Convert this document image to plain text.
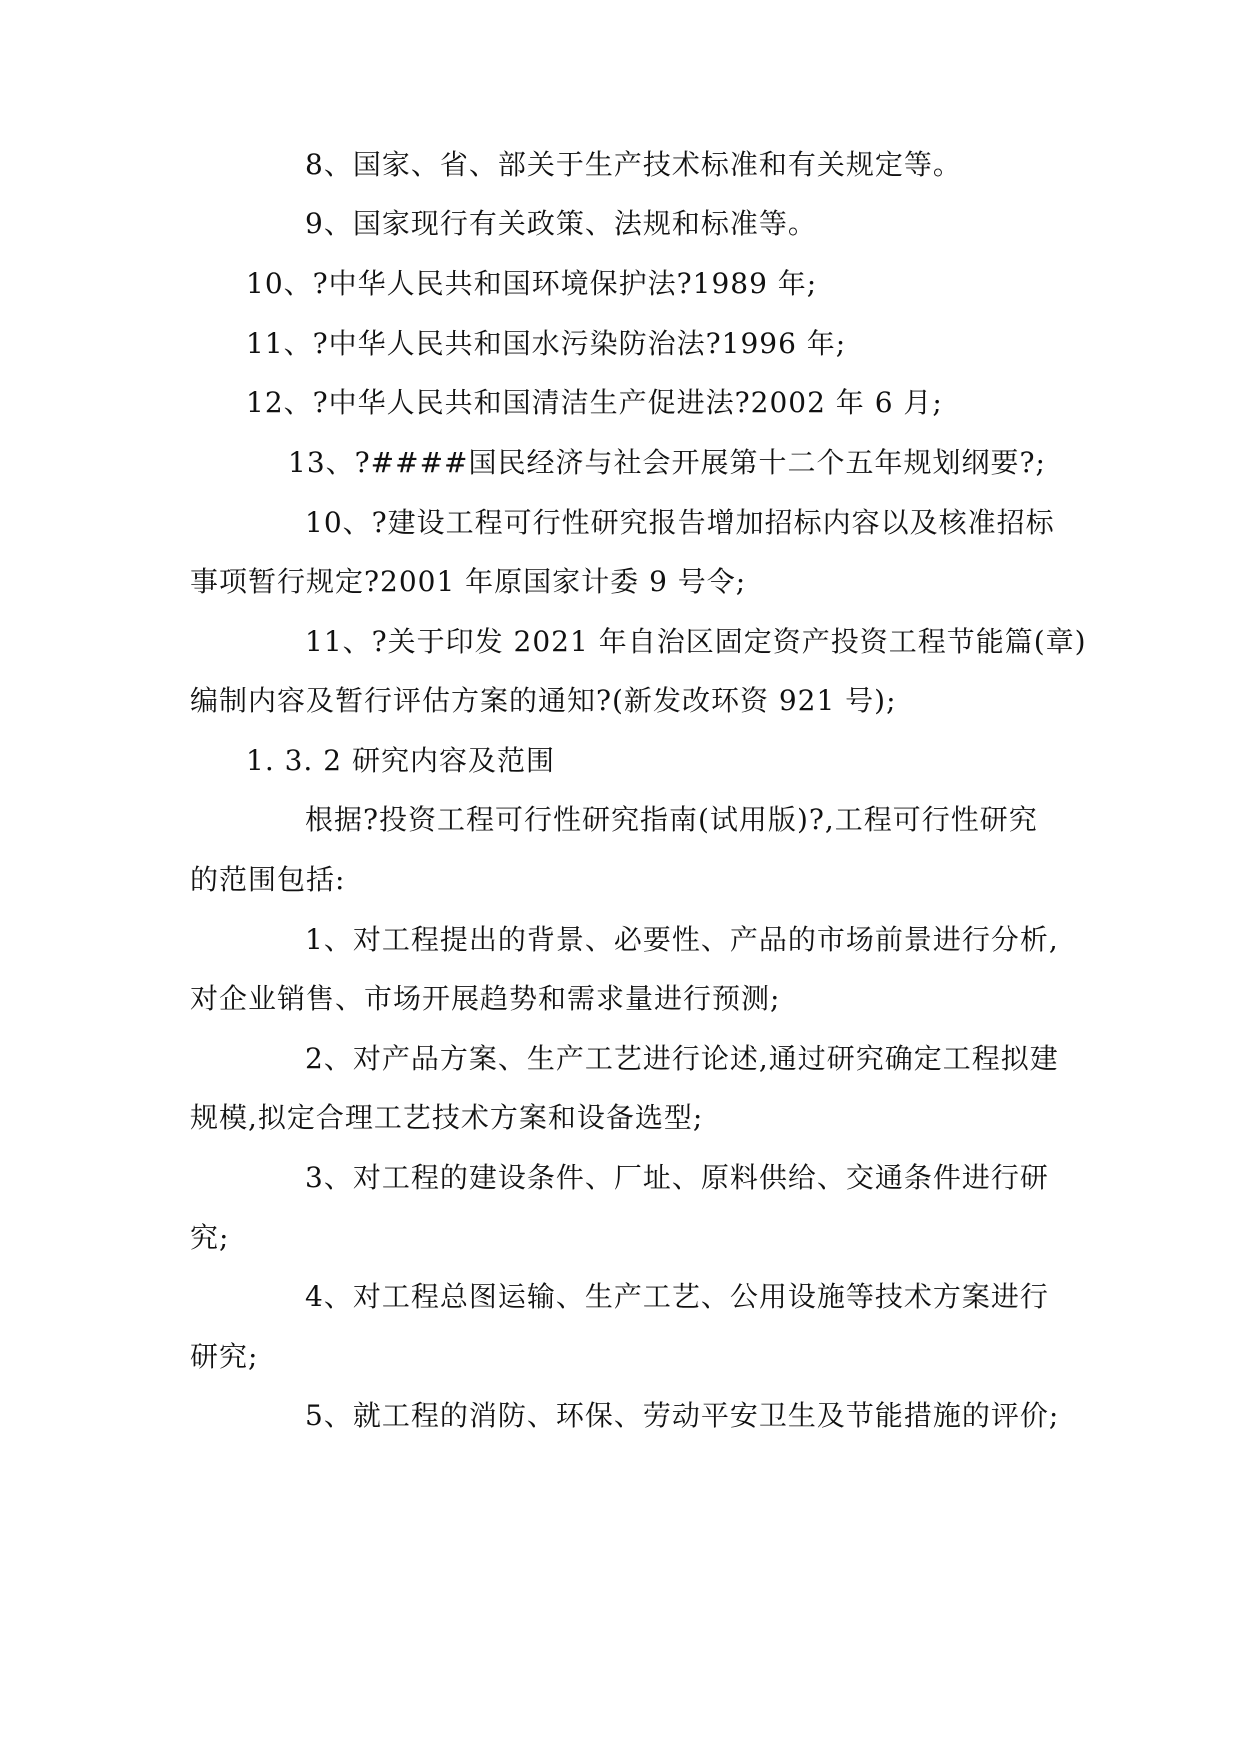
8、国家、省、部关于生产技术标准和有关规定等。
9、国家现行有关政策、法规和标准等。
10、?中华人民共和国环境保护法?1989 年;
11、?中华人民共和国水污染防治法?1996 年;
12、?中华人民共和国清洁生产促进法?2002 年 6 月;
13、?####国民经济与社会开展第十二个五年规划纲要?;
10、?建设工程可行性研究报告增加招标内容以及核准招标
事项暂行规定?2001 年原国家计委 9 号令;
11、?关于印发 2021 年自治区固定资产投资工程节能篇(章)
编制内容及暂行评估方案的通知?(新发改环资 921 号);
1. 3. 2 研究内容及范围
根据?投资工程可行性研究指南(试用版)?,工程可行性研究
的范围包括:
1、对工程提出的背景、必要性、产品的市场前景进行分析,
对企业销售、市场开展趋势和需求量进行预测;
2、对产品方案、生产工艺进行论述,通过研究确定工程拟建
规模,拟定合理工艺技术方案和设备选型;
3、对工程的建设条件、厂址、原料供给、交通条件进行研
究;
4、对工程总图运输、生产工艺、公用设施等技术方案进行
研究;
5、就工程的消防、环保、劳动平安卫生及节能措施的评价;
